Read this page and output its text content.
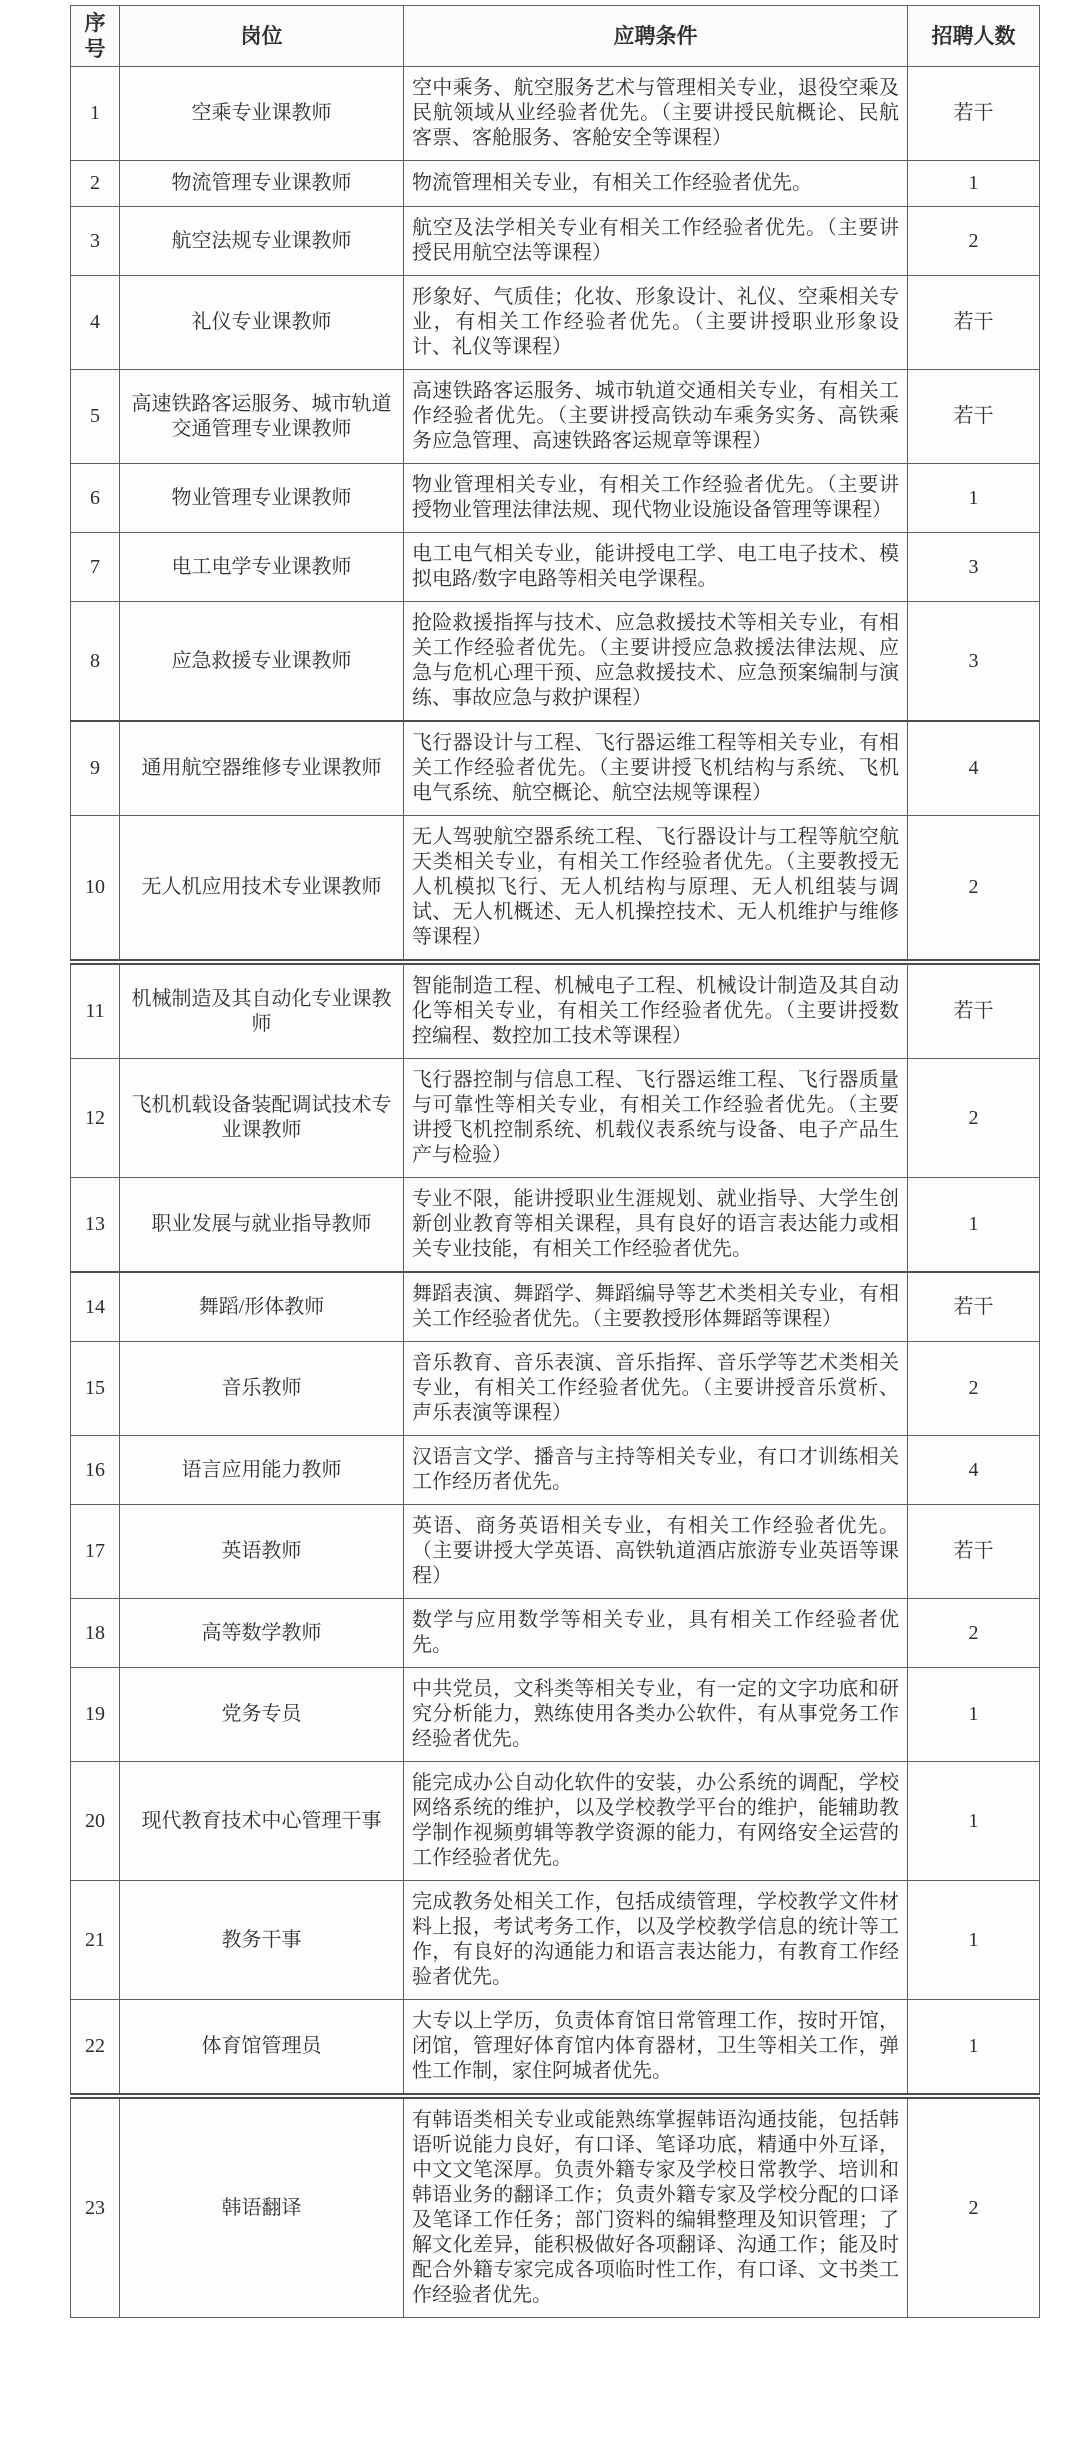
序号	岗位	应聘条件	招聘人数
1	空乘专业课教师	空中乘务、航空服务艺术与管理相关专业，退役空乘及民航领域从业经验者优先。（主要讲授民航概论、民航客票、客舱服务、客舱安全等课程）	若干
2	物流管理专业课教师	物流管理相关专业，有相关工作经验者优先。	1
3	航空法规专业课教师	航空及法学相关专业有相关工作经验者优先。（主要讲授民用航空法等课程）	2
4	礼仪专业课教师	形象好、气质佳；化妆、形象设计、礼仪、空乘相关专业，有相关工作经验者优先。（主要讲授职业形象设计、礼仪等课程）	若干
5	高速铁路客运服务、城市轨道交通管理专业课教师	高速铁路客运服务、城市轨道交通相关专业，有相关工作经验者优先。（主要讲授高铁动车乘务实务、高铁乘务应急管理、高速铁路客运规章等课程）	若干
6	物业管理专业课教师	物业管理相关专业，有相关工作经验者优先。（主要讲授物业管理法律法规、现代物业设施设备管理等课程）	1
7	电工电学专业课教师	电工电气相关专业，能讲授电工学、电工电子技术、模拟电路/数字电路等相关电学课程。	3
8	应急救援专业课教师	抢险救援指挥与技术、应急救援技术等相关专业，有相关工作经验者优先。（主要讲授应急救援法律法规、应急与危机心理干预、应急救援技术、应急预案编制与演练、事故应急与救护课程）	3
9	通用航空器维修专业课教师	飞行器设计与工程、飞行器运维工程等相关专业，有相关工作经验者优先。（主要讲授飞机结构与系统、飞机电气系统、航空概论、航空法规等课程）	4
10	无人机应用技术专业课教师	无人驾驶航空器系统工程、飞行器设计与工程等航空航天类相关专业，有相关工作经验者优先。（主要教授无人机模拟飞行、无人机结构与原理、无人机组装与调试、无人机概述、无人机操控技术、无人机维护与维修等课程）	2
11	机械制造及其自动化专业课教师	智能制造工程、机械电子工程、机械设计制造及其自动化等相关专业，有相关工作经验者优先。（主要讲授数控编程、数控加工技术等课程）	若干
12	飞机机载设备装配调试技术专业课教师	飞行器控制与信息工程、飞行器运维工程、飞行器质量与可靠性等相关专业，有相关工作经验者优先。（主要讲授飞机控制系统、机载仪表系统与设备、电子产品生产与检验）	2
13	职业发展与就业指导教师	专业不限，能讲授职业生涯规划、就业指导、大学生创新创业教育等相关课程，具有良好的语言表达能力或相关专业技能，有相关工作经验者优先。	1
14	舞蹈/形体教师	舞蹈表演、舞蹈学、舞蹈编导等艺术类相关专业，有相关工作经验者优先。（主要教授形体舞蹈等课程）	若干
15	音乐教师	音乐教育、音乐表演、音乐指挥、音乐学等艺术类相关专业，有相关工作经验者优先。（主要讲授音乐赏析、声乐表演等课程）	2
16	语言应用能力教师	汉语言文学、播音与主持等相关专业，有口才训练相关工作经历者优先。	4
17	英语教师	英语、商务英语相关专业，有相关工作经验者优先。（主要讲授大学英语、高铁轨道酒店旅游专业英语等课程）	若干
18	高等数学教师	数学与应用数学等相关专业，具有相关工作经验者优先。	2
19	党务专员	中共党员，文科类等相关专业，有一定的文字功底和研究分析能力，熟练使用各类办公软件，有从事党务工作经验者优先。	1
20	现代教育技术中心管理干事	能完成办公自动化软件的安装，办公系统的调配，学校网络系统的维护，以及学校教学平台的维护，能辅助教学制作视频剪辑等教学资源的能力，有网络安全运营的工作经验者优先。	1
21	教务干事	完成教务处相关工作，包括成绩管理，学校教学文件材料上报，考试考务工作，以及学校教学信息的统计等工作，有良好的沟通能力和语言表达能力，有教育工作经验者优先。	1
22	体育馆管理员	大专以上学历，负责体育馆日常管理工作，按时开馆，闭馆，管理好体育馆内体育器材，卫生等相关工作，弹性工作制，家住阿城者优先。	1
23	韩语翻译	有韩语类相关专业或能熟练掌握韩语沟通技能，包括韩语听说能力良好，有口译、笔译功底，精通中外互译，中文文笔深厚。负责外籍专家及学校日常教学、培训和韩语业务的翻译工作；负责外籍专家及学校分配的口译及笔译工作任务；部门资料的编辑整理及知识管理；了解文化差异，能积极做好各项翻译、沟通工作；能及时配合外籍专家完成各项临时性工作，有口译、文书类工作经验者优先。	2
